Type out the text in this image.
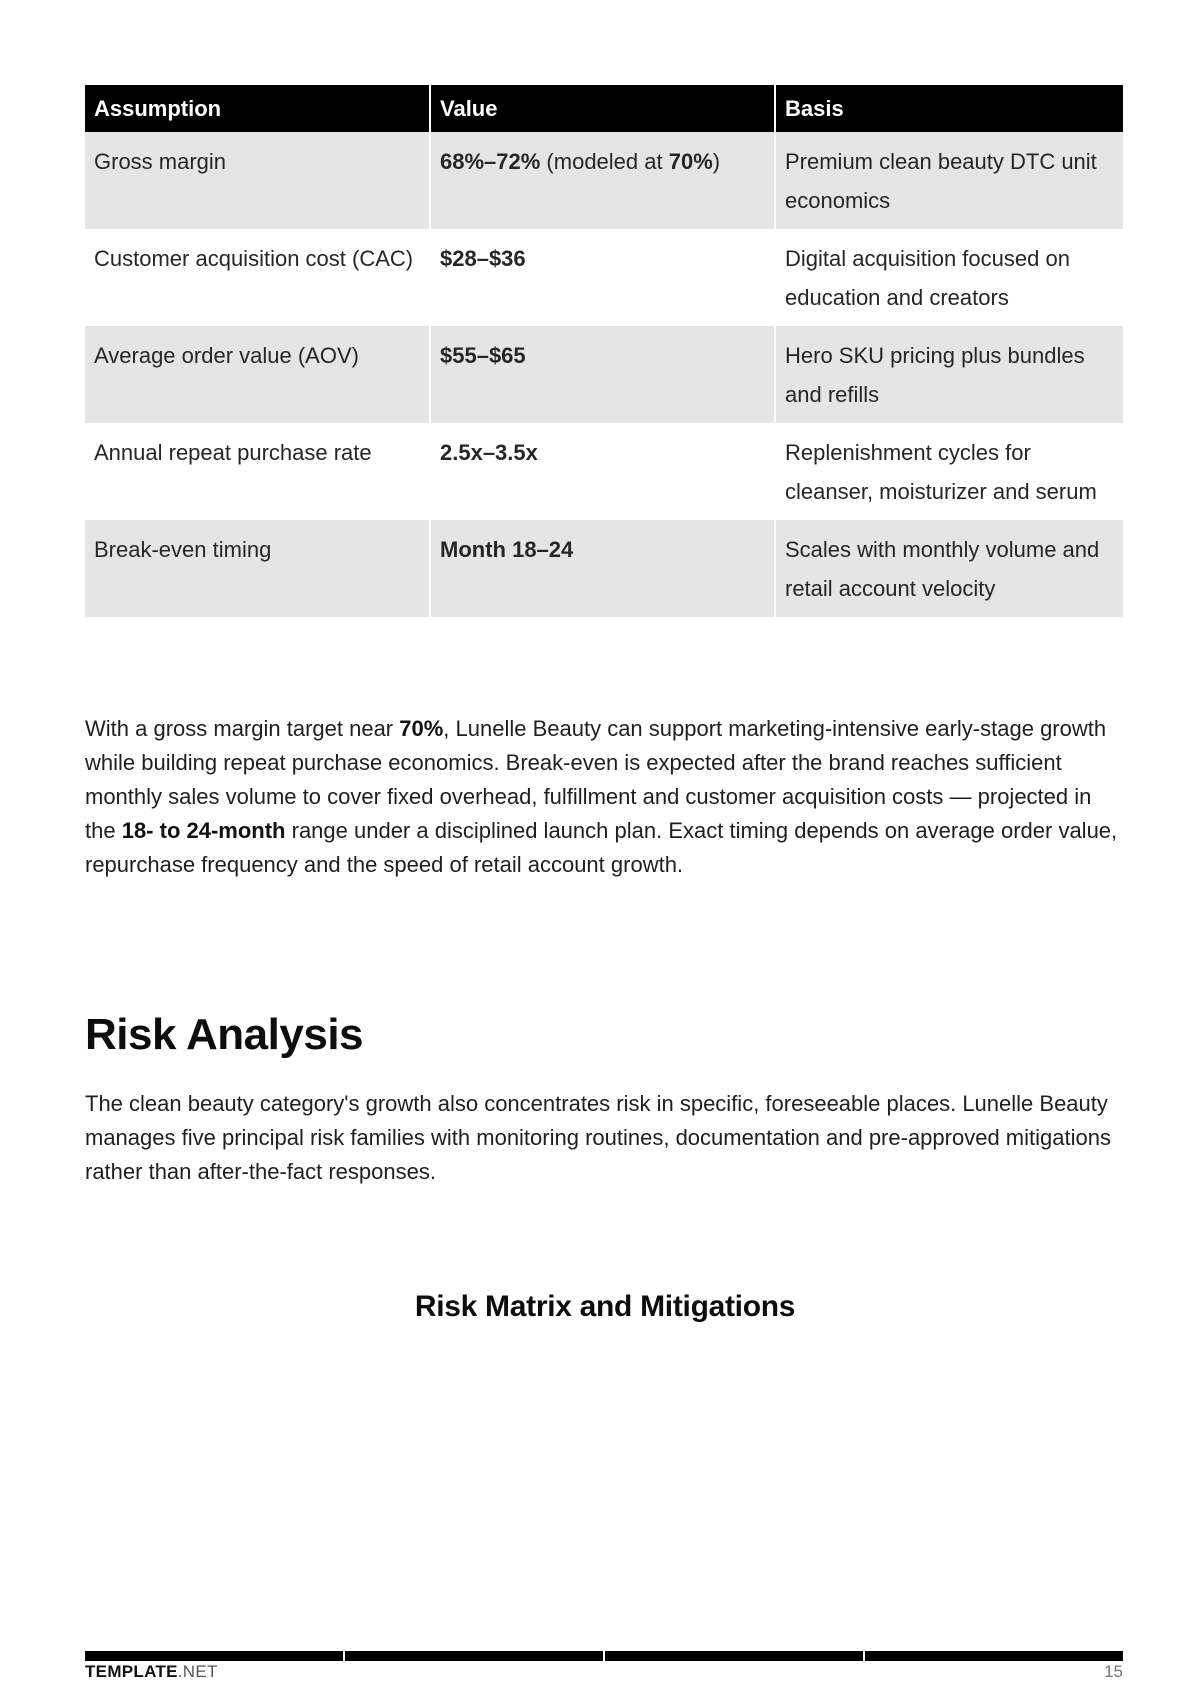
Assumption	Value	Basis
Gross margin	68%–72% (modeled at 70%)	Premium clean beauty DTC unit economics
Customer acquisition cost (CAC)	$28–$36	Digital acquisition focused on education and creators
Average order value (AOV)	$55–$65	Hero SKU pricing plus bundles and refills
Annual repeat purchase rate	2.5x–3.5x	Replenishment cycles for cleanser, moisturizer and serum
Break-even timing	Month 18–24	Scales with monthly volume and retail account velocity

With a gross margin target near 70%, Lunelle Beauty can support marketing-intensive early-stage growth while building repeat purchase economics. Break-even is expected after the brand reaches sufficient monthly sales volume to cover fixed overhead, fulfillment and customer acquisition costs — projected in the 18- to 24-month range under a disciplined launch plan. Exact timing depends on average order value, repurchase frequency and the speed of retail account growth.

Risk Analysis

The clean beauty category's growth also concentrates risk in specific, foreseeable places. Lunelle Beauty manages five principal risk families with monitoring routines, documentation and pre-approved mitigations rather than after-the-fact responses.

Risk Matrix and Mitigations
TEMPLATE.NET	15
